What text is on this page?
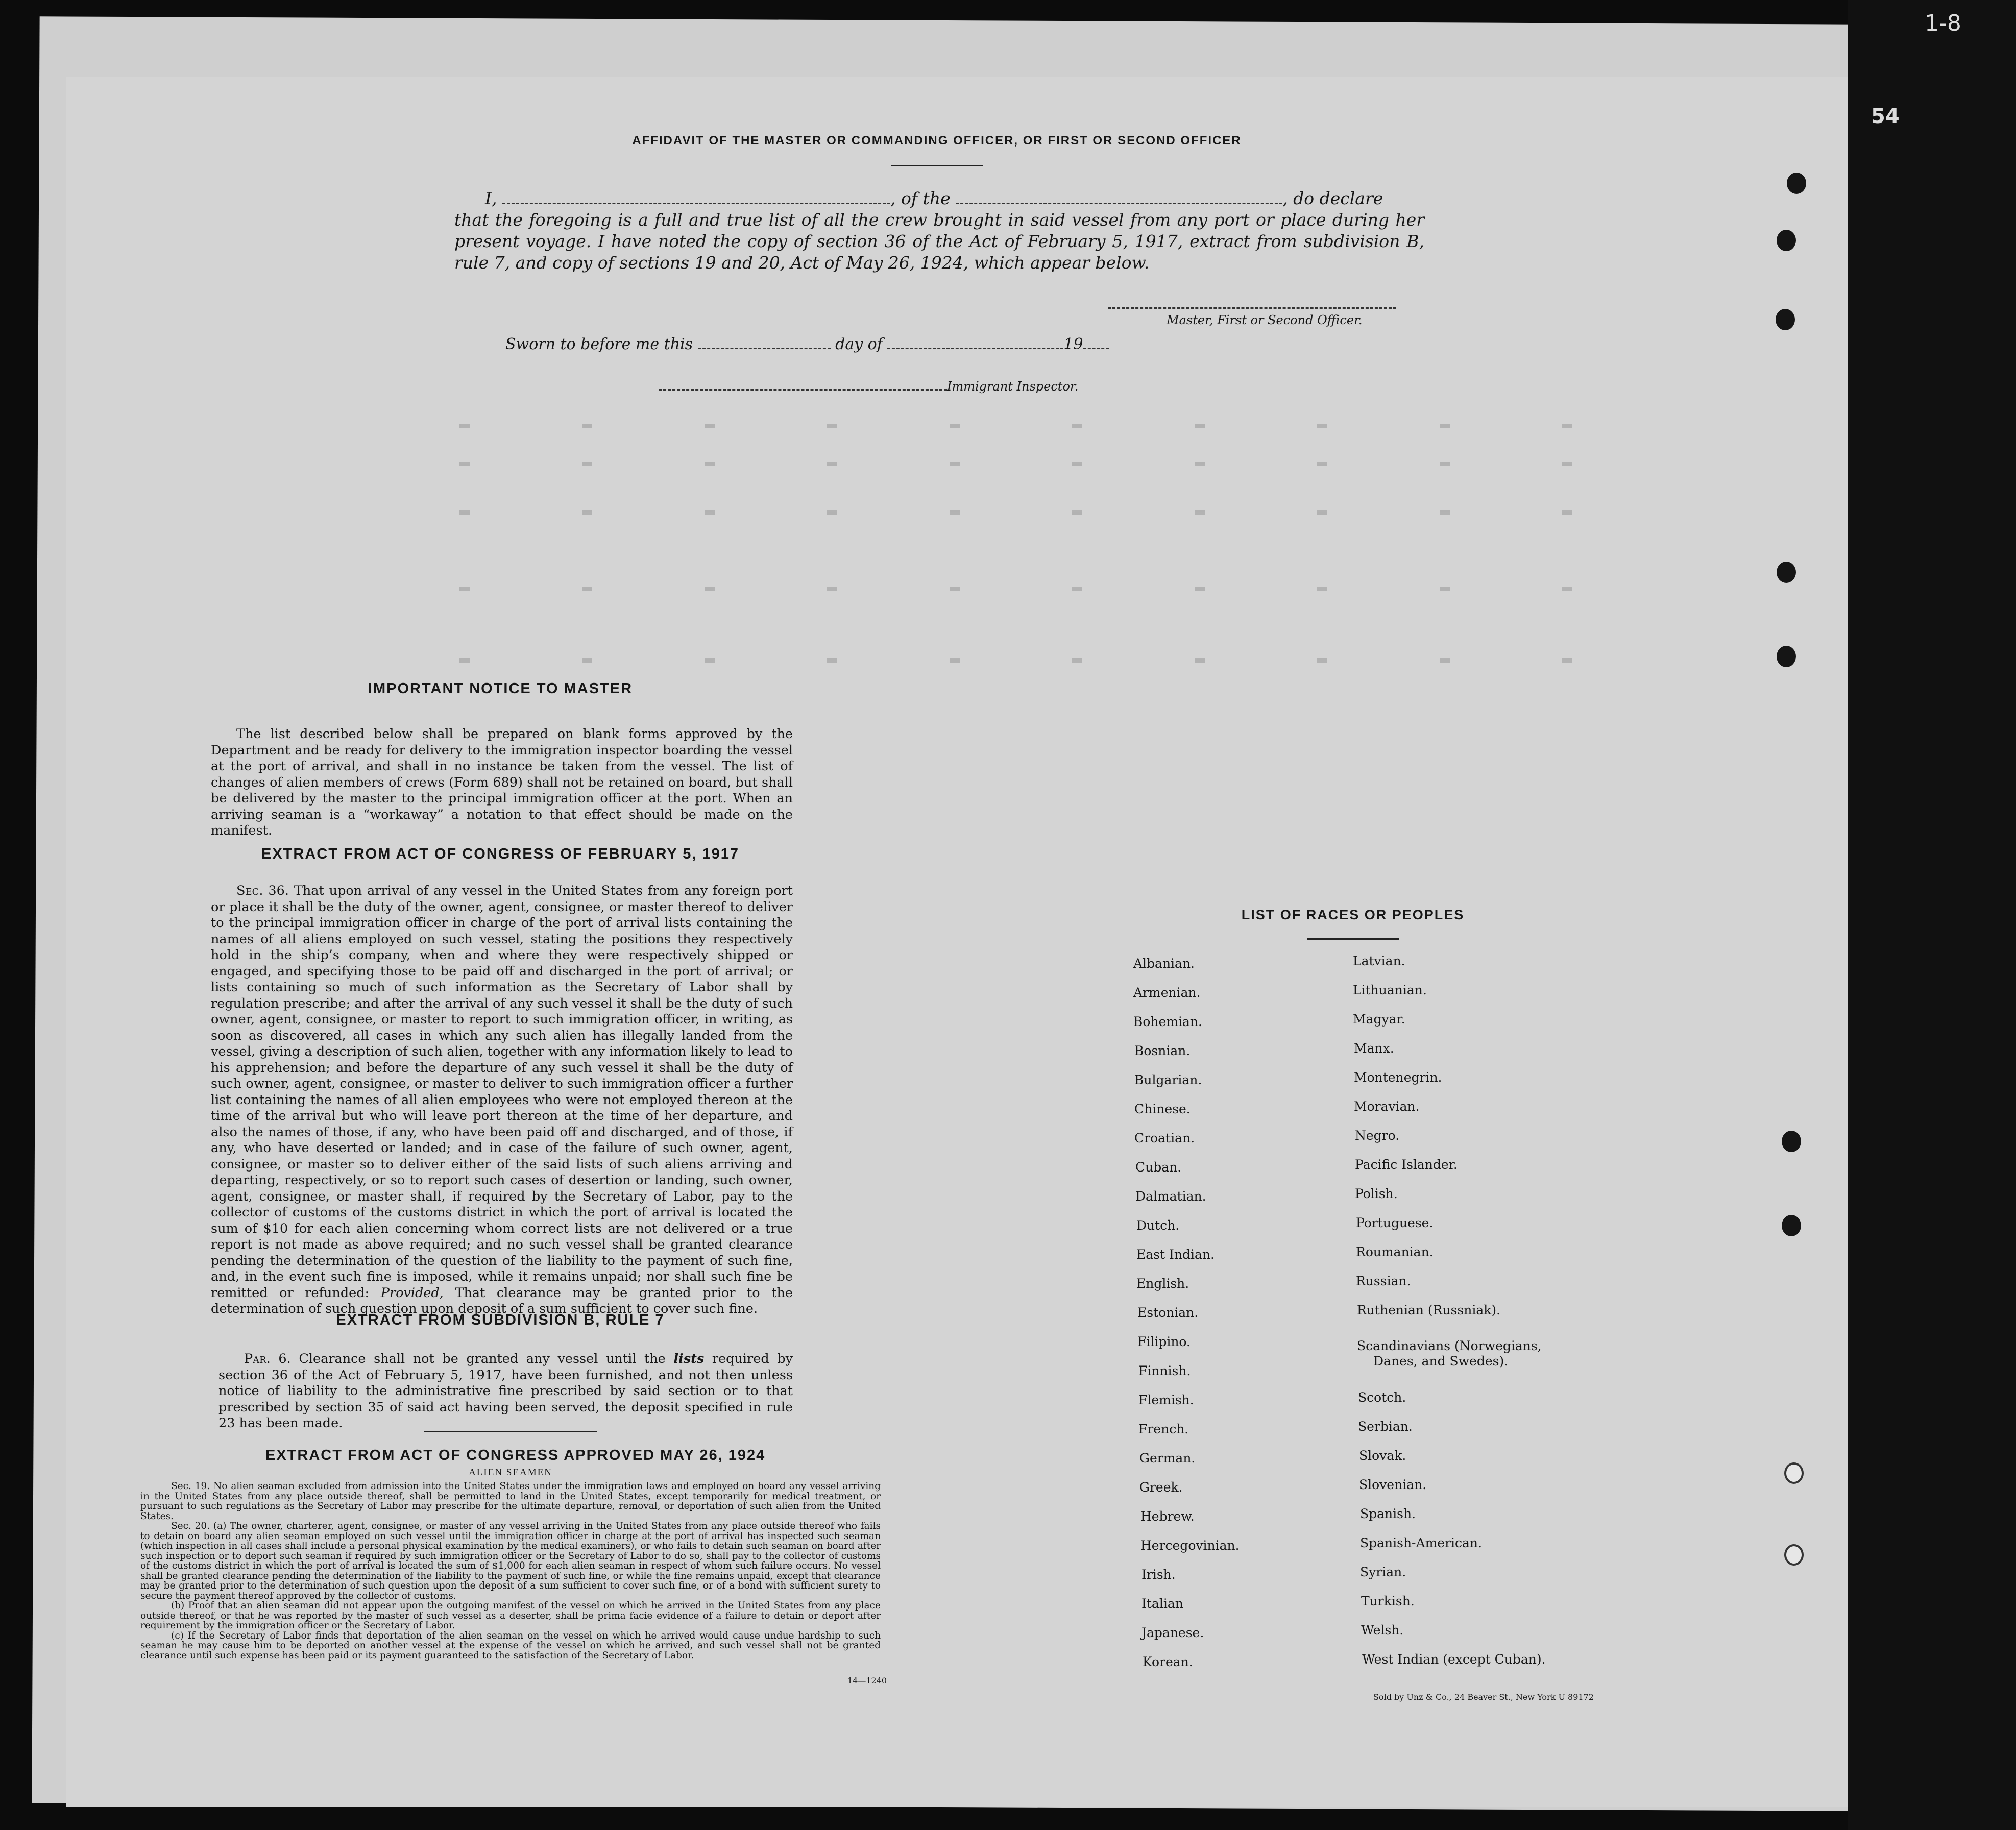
54
1-8
AFFIDAVIT OF THE MASTER OR COMMANDING OFFICER, OR FIRST OR SECOND OFFICER
I,	, of the	, do declare
that the foregoing is a full and true list of all the crew brought in said vessel from any port or place during her present voyage. I have noted the copy of section 36 of the Act of February 5, 1917, extract from subdivision B, rule 7, and copy of sections 19 and 20, Act of May 26, 1924, which appear below.
Master, First or Second Officer.
Sworn to before me this	day of	19
Immigrant Inspector.
IMPORTANT NOTICE TO MASTER
The list described below shall be prepared on blank forms approved by the Department and be ready for delivery to the immigration inspector boarding the vessel at the port of arrival, and shall in no instance be taken from the vessel. The list of changes of alien members of crews (Form 689) shall not be retained on board, but shall be delivered by the master to the principal immigration officer at the port. When an arriving seaman is a “workaway” a notation to that effect should be made on the manifest.
EXTRACT FROM ACT OF CONGRESS OF FEBRUARY 5, 1917
Sec. 36. That upon arrival of any vessel in the United States from any foreign port or place it shall be the duty of the owner, agent, consignee, or master thereof to deliver to the principal immigration officer in charge of the port of arrival lists containing the names of all aliens employed on such vessel, stating the positions they respectively hold in the ship’s company, when and where they were respectively shipped or engaged, and specifying those to be paid off and discharged in the port of arrival; or lists containing so much of such information as the Secretary of Labor shall by regulation prescribe; and after the arrival of any such vessel it shall be the duty of such owner, agent, consignee, or master to report to such immigration officer, in writing, as soon as discovered, all cases in which any such alien has illegally landed from the vessel, giving a description of such alien, together with any information likely to lead to his apprehension; and before the departure of any such vessel it shall be the duty of such owner, agent, consignee, or master to deliver to such immigration officer a further list containing the names of all alien employees who were not employed thereon at the time of the arrival but who will leave port thereon at the time of her departure, and also the names of those, if any, who have been paid off and discharged, and of those, if any, who have deserted or landed; and in case of the failure of such owner, agent, consignee, or master so to deliver either of the said lists of such aliens arriving and departing, respectively, or so to report such cases of desertion or landing, such owner, agent, consignee, or master shall, if required by the Secretary of Labor, pay to the collector of customs of the customs district in which the port of arrival is located the sum of $10 for each alien concerning whom correct lists are not delivered or a true report is not made as above required; and no such vessel shall be granted clearance pending the determination of the question of the liability to the payment of such fine, and, in the event such fine is imposed, while it remains unpaid; nor shall such fine be remitted or refunded: Provided, That clearance may be granted prior to the determination of such question upon deposit of a sum sufficient to cover such fine.
EXTRACT FROM SUBDIVISION B, RULE 7
Par. 6. Clearance shall not be granted any vessel until the lists required by section 36 of the Act of February 5, 1917, have been furnished, and not then unless notice of liability to the administrative fine prescribed by said section or to that prescribed by section 35 of said act having been served, the deposit specified in rule 23 has been made.
EXTRACT FROM ACT OF CONGRESS APPROVED MAY 26, 1924
ALIEN SEAMEN
Sec. 19. No alien seaman excluded from admission into the United States under the immigration laws and employed on board any vessel arriving in the United States from any place outside thereof, shall be permitted to land in the United States, except temporarily for medical treatment, or pursuant to such regulations as the Secretary of Labor may prescribe for the ultimate departure, removal, or deportation of such alien from the United States.
Sec. 20. (a) The owner, charterer, agent, consignee, or master of any vessel arriving in the United States from any place outside thereof who fails to detain on board any alien seaman employed on such vessel until the immigration officer in charge at the port of arrival has inspected such seaman (which inspection in all cases shall include a personal physical examination by the medical examiners), or who fails to detain such seaman on board after such inspection or to deport such seaman if required by such immigration officer or the Secretary of Labor to do so, shall pay to the collector of customs of the customs district in which the port of arrival is located the sum of $1,000 for each alien seaman in respect of whom such failure occurs. No vessel shall be granted clearance pending the determination of the liability to the payment of such fine, or while the fine remains unpaid, except that clearance may be granted prior to the determination of such question upon the deposit of a sum sufficient to cover such fine, or of a bond with sufficient surety to secure the payment thereof approved by the collector of customs.
(b) Proof that an alien seaman did not appear upon the outgoing manifest of the vessel on which he arrived in the United States from any place outside thereof, or that he was reported by the master of such vessel as a deserter, shall be prima facie evidence of a failure to detain or deport after requirement by the immigration officer or the Secretary of Labor.
(c) If the Secretary of Labor finds that deportation of the alien seaman on the vessel on which he arrived would cause undue hardship to such seaman he may cause him to be deported on another vessel at the expense of the vessel on which he arrived, and such vessel shall not be granted clearance until such expense has been paid or its payment guaranteed to the satisfaction of the Secretary of Labor.
14—1240
LIST OF RACES OR PEOPLES
Albanian.
Armenian.
Bohemian.
Bosnian.
Bulgarian.
Chinese.
Croatian.
Cuban.
Dalmatian.
Dutch.
East Indian.
English.
Estonian.
Filipino.
Finnish.
Flemish.
French.
German.
Greek.
Hebrew.
Hercegovinian.
Irish.
Italian
Japanese.
Korean.
Latvian.
Lithuanian.
Magyar.
Manx.
Montenegrin.
Moravian.
Negro.
Pacific Islander.
Polish.
Portuguese.
Roumanian.
Russian.
Ruthenian (Russniak).
Scandinavians (Norwegians,
Danes, and Swedes).
Scotch.
Serbian.
Slovak.
Slovenian.
Spanish.
Spanish-American.
Syrian.
Turkish.
Welsh.
West Indian (except Cuban).
Sold by Unz & Co., 24 Beaver St., New York U 89172
